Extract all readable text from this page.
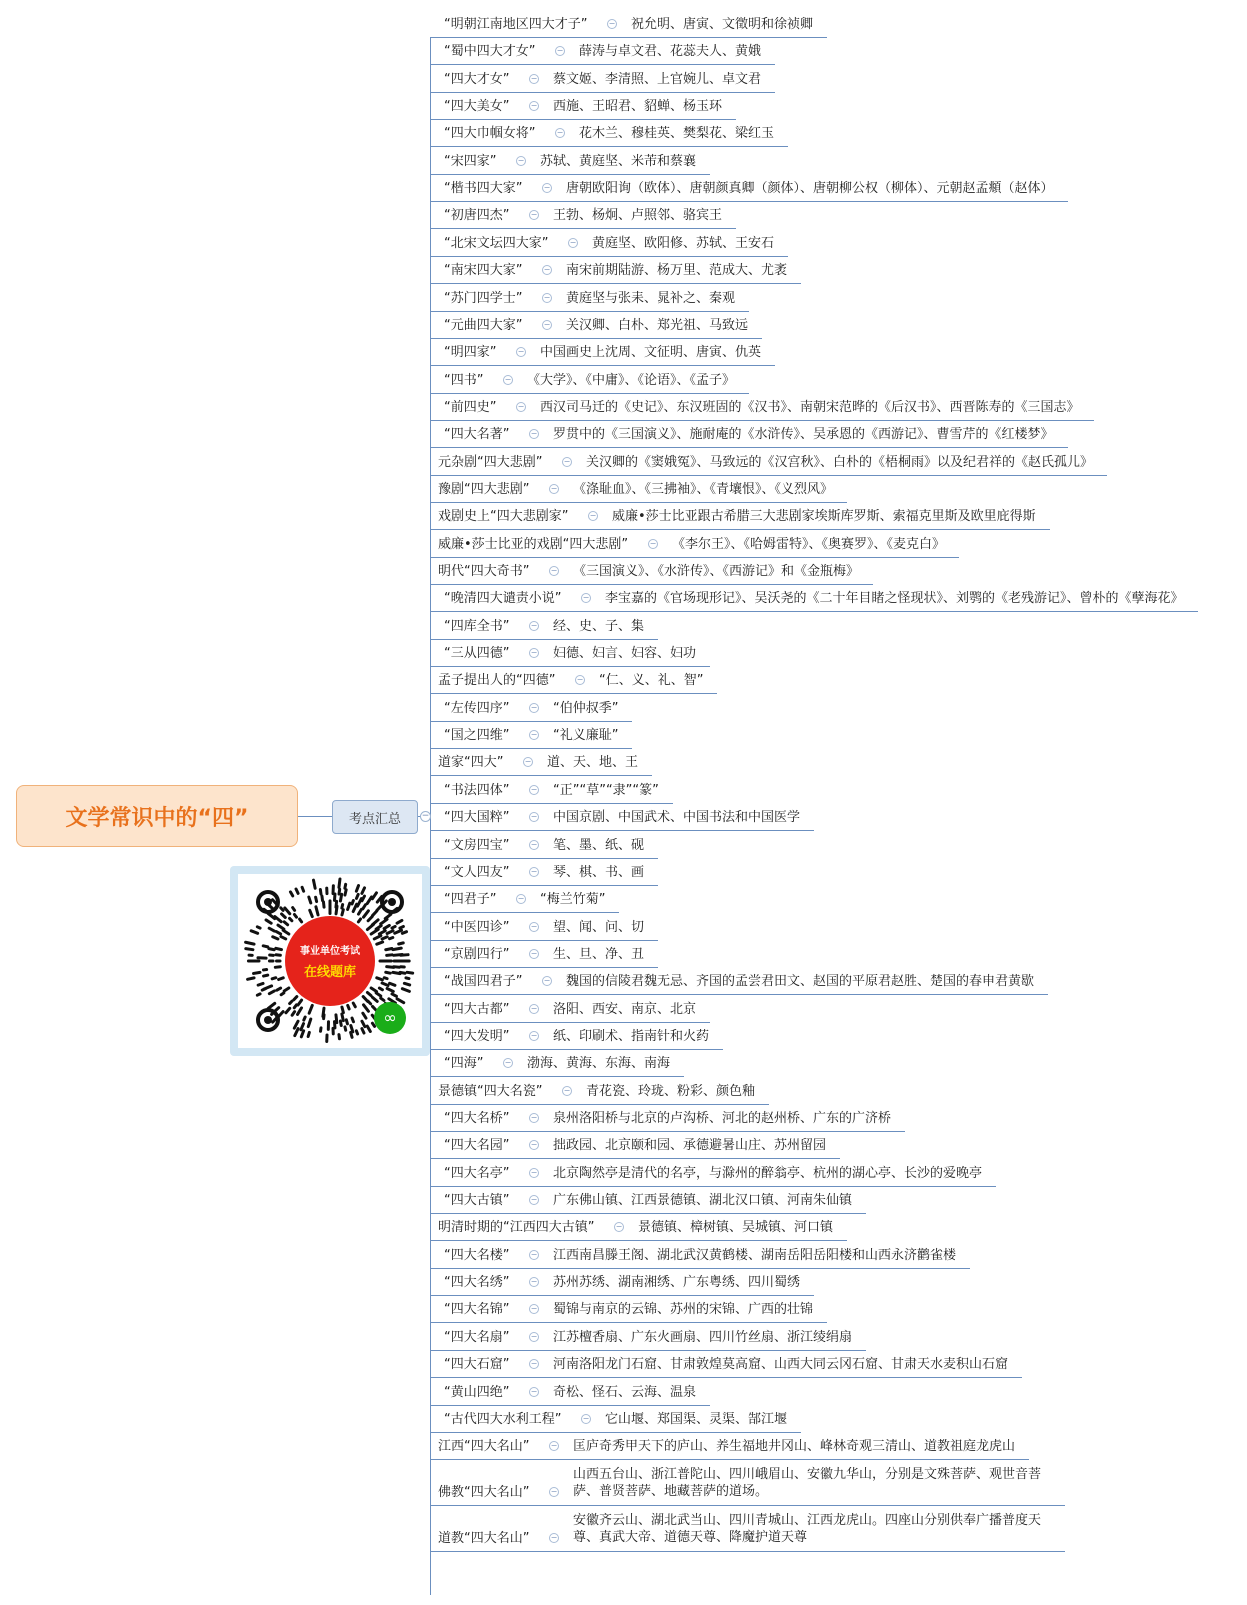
文学常识中的“四”	考点汇总 −
“明朝江南地区四大才子”	− 祝允明、唐寅、文徵明和徐祯卿
“蜀中四大才女”	− 薛涛与卓文君、花蕊夫人、黄娥
“四大才女”	− 蔡文姬、李清照、上官婉儿、卓文君
“四大美女”	− 西施、王昭君、貂蝉、杨玉环
“四大巾帼女将”	− 花木兰、穆桂英、樊梨花、梁红玉
“宋四家”	− 苏轼、黄庭坚、米芾和蔡襄
“楷书四大家”	− 唐朝欧阳询（欧体）、唐朝颜真卿（颜体）、唐朝柳公权（柳体）、元朝赵孟頫（赵体）
“初唐四杰”	− 王勃、杨炯、卢照邻、骆宾王
“北宋文坛四大家”	− 黄庭坚、欧阳修、苏轼、王安石
“南宋四大家”	− 南宋前期陆游、杨万里、范成大、尤袤
“苏门四学士”	− 黄庭坚与张耒、晁补之、秦观
“元曲四大家”	− 关汉卿、白朴、郑光祖、马致远
“明四家”	− 中国画史上沈周、文征明、唐寅、仇英
“四书”	− 《大学》、《中庸》、《论语》、《孟子》
“前四史”	− 西汉司马迁的《史记》、东汉班固的《汉书》、南朝宋范晔的《后汉书》、西晋陈寿的《三国志》
“四大名著”	− 罗贯中的《三国演义》、施耐庵的《水浒传》、吴承恩的《西游记》、曹雪芹的《红楼梦》
元杂剧“四大悲剧”	− 关汉卿的《窦娥冤》、马致远的《汉宫秋》、白朴的《梧桐雨》以及纪君祥的《赵氏孤儿》
豫剧“四大悲剧”	− 《涤耻血》、《三拂袖》、《青壤恨》、《义烈风》
戏剧史上“四大悲剧家”	− 威廉•莎士比亚跟古希腊三大悲剧家埃斯库罗斯、索福克里斯及欧里庇得斯
威廉•莎士比亚的戏剧“四大悲剧”	− 《李尔王》、《哈姆雷特》、《奥赛罗》、《麦克白》
明代“四大奇书”	− 《三国演义》、《水浒传》、《西游记》和《金瓶梅》
“晚清四大谴责小说”	− 李宝嘉的《官场现形记》、吴沃尧的《二十年目睹之怪现状》、刘鹗的《老残游记》、曾朴的《孽海花》
“四库全书”	− 经、史、子、集
“三从四德”	− 妇德、妇言、妇容、妇功
孟子提出人的“四德”	− “仁、义、礼、智”
“左传四序”	− “伯仲叔季”
“国之四维”	− “礼义廉耻”
道家“四大”	− 道、天、地、王
“书法四体”	− “正”“草”“隶”“篆”
“四大国粹”	− 中国京剧、中国武术、中国书法和中国医学
“文房四宝”	− 笔、墨、纸、砚
“文人四友”	− 琴、棋、书、画
“四君子”	− “梅兰竹菊”
“中医四诊”	− 望、闻、问、切
“京剧四行”	− 生、旦、净、丑
“战国四君子”	− 魏国的信陵君魏无忌、齐国的孟尝君田文、赵国的平原君赵胜、楚国的春申君黄歇
“四大古都”	− 洛阳、西安、南京、北京
“四大发明”	− 纸、印刷术、指南针和火药
“四海”	− 渤海、黄海、东海、南海
景德镇“四大名瓷”	− 青花瓷、玲珑、粉彩、颜色釉
“四大名桥”	− 泉州洛阳桥与北京的卢沟桥、河北的赵州桥、广东的广济桥
“四大名园”	− 拙政园、北京颐和园、承德避暑山庄、苏州留园
“四大名亭”	− 北京陶然亭是清代的名亭，与滁州的醉翁亭、杭州的湖心亭、长沙的爱晚亭
“四大古镇”	− 广东佛山镇、江西景德镇、湖北汉口镇、河南朱仙镇
明清时期的“江西四大古镇”	− 景德镇、樟树镇、吴城镇、河口镇
“四大名楼”	− 江西南昌滕王阁、湖北武汉黄鹤楼、湖南岳阳岳阳楼和山西永济鹳雀楼
“四大名绣”	− 苏州苏绣、湖南湘绣、广东粤绣、四川蜀绣
“四大名锦”	− 蜀锦与南京的云锦、苏州的宋锦、广西的壮锦
“四大名扇”	− 江苏檀香扇、广东火画扇、四川竹丝扇、浙江绫绢扇
“四大石窟”	− 河南洛阳龙门石窟、甘肃敦煌莫高窟、山西大同云冈石窟、甘肃天水麦积山石窟
“黄山四绝”	− 奇松、怪石、云海、温泉
“古代四大水利工程”	− 它山堰、郑国渠、灵渠、郜江堰
江西“四大名山”	− 匡庐奇秀甲天下的庐山、养生福地井冈山、峰林奇观三清山、道教祖庭龙虎山
佛教“四大名山”	−
山西五台山、浙江普陀山、四川峨眉山、安徽九华山，分别是文殊菩萨、观世音菩萨、普贤菩萨、地藏菩萨的道场。
道教“四大名山”	−
安徽齐云山、湖北武当山、四川青城山、江西龙虎山。四座山分别供奉广播普度天尊、真武大帝、道德天尊、降魔护道天尊
事业单位考试
在线题库
∞
